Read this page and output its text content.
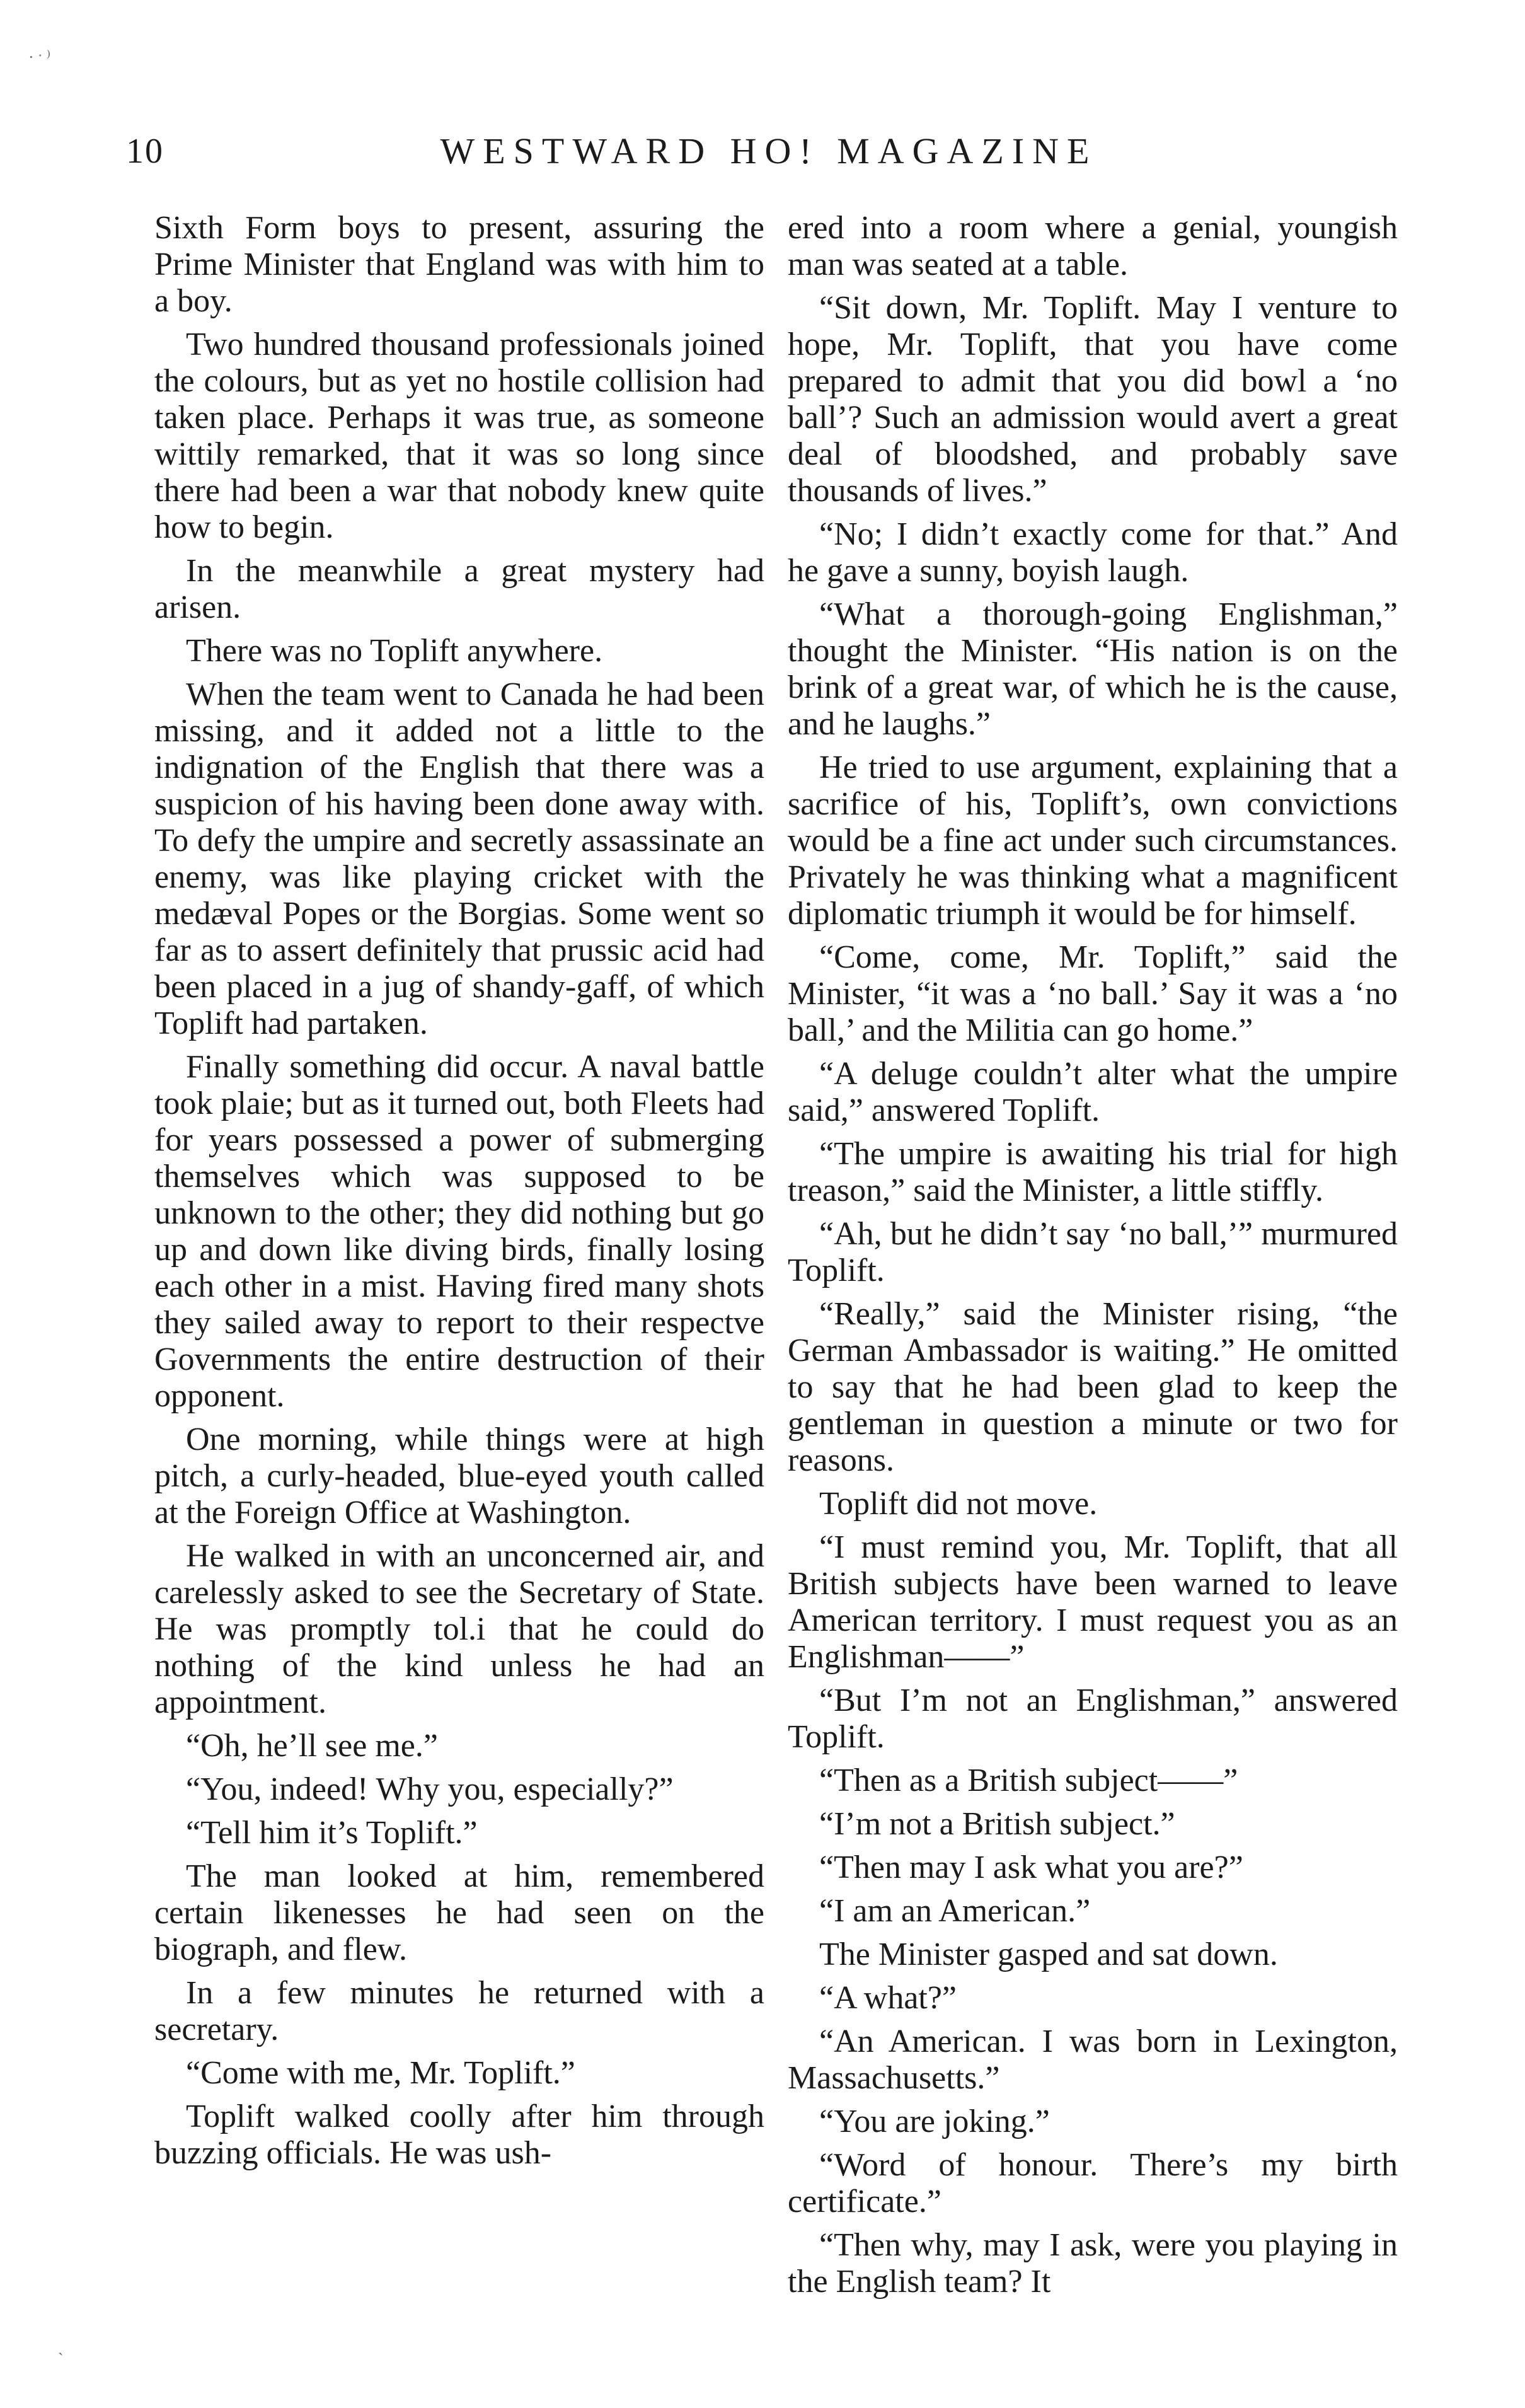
· ˑ ⁾
10	WESTWARD HO! MAGAZINE

Sixth Form boys to present, assuring the Prime Minister that England was with him to a boy.

Two hundred thousand professionals joined the colours, but as yet no hostile collision had taken place. Perhaps it was true, as someone wittily remarked, that it was so long since there had been a war that nobody knew quite how to begin.

In the meanwhile a great mystery had arisen.

There was no Toplift anywhere.

When the team went to Canada he had been missing, and it added not a little to the indignation of the English that there was a suspicion of his having been done away with. To defy the umpire and secretly assassinate an enemy, was like playing cricket with the medæval Popes or the Borgias. Some went so far as to assert definitely that prussic acid had been placed in a jug of shandy-gaff, of which Toplift had partaken.

Finally something did occur. A naval battle took plaie; but as it turned out, both Fleets had for years possessed a power of submerging themselves which was supposed to be unknown to the other; they did nothing but go up and down like diving birds, finally losing each other in a mist. Having fired many shots they sailed away to report to their respectve Governments the entire destruction of their opponent.

One morning, while things were at high pitch, a curly-headed, blue-eyed youth called at the Foreign Office at Washington.

He walked in with an unconcerned air, and carelessly asked to see the Secretary of State. He was promptly tol.i that he could do nothing of the kind unless he had an appointment.

“Oh, he’ll see me.”

“You, indeed! Why you, especially?”

“Tell him it’s Toplift.”

The man looked at him, remembered certain likenesses he had seen on the biograph, and flew.

In a few minutes he returned with a secretary.

“Come with me, Mr. Toplift.”

Toplift walked coolly after him through buzzing officials. He was ush-

ered into a room where a genial, youngish man was seated at a table.

“Sit down, Mr. Toplift. May I venture to hope, Mr. Toplift, that you have come prepared to admit that you did bowl a ‘no ball’? Such an admission would avert a great deal of bloodshed, and probably save thousands of lives.”

“No; I didn’t exactly come for that.” And he gave a sunny, boyish laugh.

“What a thorough-going Englishman,” thought the Minister. “His nation is on the brink of a great war, of which he is the cause, and he laughs.”

He tried to use argument, explaining that a sacrifice of his, Toplift’s, own convictions would be a fine act under such circumstances. Privately he was thinking what a magnificent diplomatic triumph it would be for himself.

“Come, come, Mr. Toplift,” said the Minister, “it was a ‘no ball.’ Say it was a ‘no ball,’ and the Militia can go home.”

“A deluge couldn’t alter what the umpire said,” answered Toplift.

“The umpire is awaiting his trial for high treason,” said the Minister, a little stiffly.

“Ah, but he didn’t say ‘no ball,’” murmured Toplift.

“Really,” said the Minister rising, “the German Ambassador is waiting.” He omitted to say that he had been glad to keep the gentleman in question a minute or two for reasons.

Toplift did not move.

“I must remind you, Mr. Toplift, that all British subjects have been warned to leave American territory. I must request you as an Englishman——”

“But I’m not an Englishman,” answered Toplift.

“Then as a British subject——”

“I’m not a British subject.”

“Then may I ask what you are?”

“I am an American.”

The Minister gasped and sat down.

“A what?”

“An American. I was born in Lexington, Massachusetts.”

“You are joking.”

“Word of honour. There’s my birth certificate.”

“Then why, may I ask, were you playing in the English team? It

ˎ
